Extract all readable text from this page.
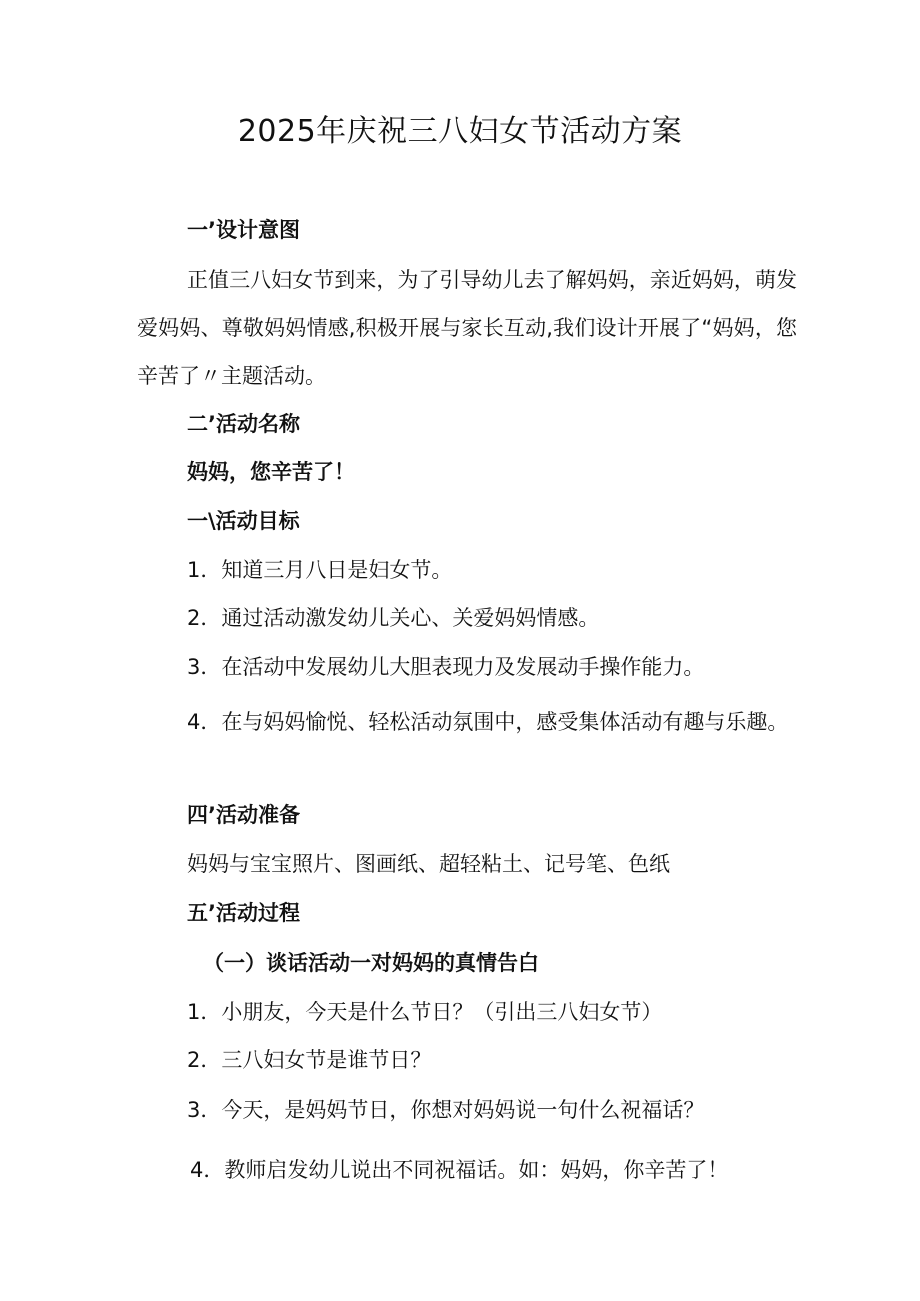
2025年庆祝三八妇女节活动方案

一’设计意图

正值三八妇女节到来，为了引导幼儿去了解妈妈，亲近妈妈，萌发爱妈妈、尊敬妈妈情感,积极开展与家长互动,我们设计开展了“妈妈，您辛苦了〃主题活动。

二’活动名称

妈妈，您辛苦了！

一\活动目标

1．知道三月八日是妇女节。

2．通过活动激发幼儿关心、关爱妈妈情感。

3．在活动中发展幼儿大胆表现力及发展动手操作能力。

4．在与妈妈愉悦、轻松活动氛围中，感受集体活动有趣与乐趣。

四’活动准备

妈妈与宝宝照片、图画纸、超轻粘土、记号笔、色纸

五’活动过程

（一）谈话活动一对妈妈的真情告白

1．小朋友，今天是什么节日？（引出三八妇女节）

2．三八妇女节是谁节日？

3．今天，是妈妈节日，你想对妈妈说一句什么祝福话？

4．教师启发幼儿说出不同祝福话。如：妈妈，你辛苦了！
